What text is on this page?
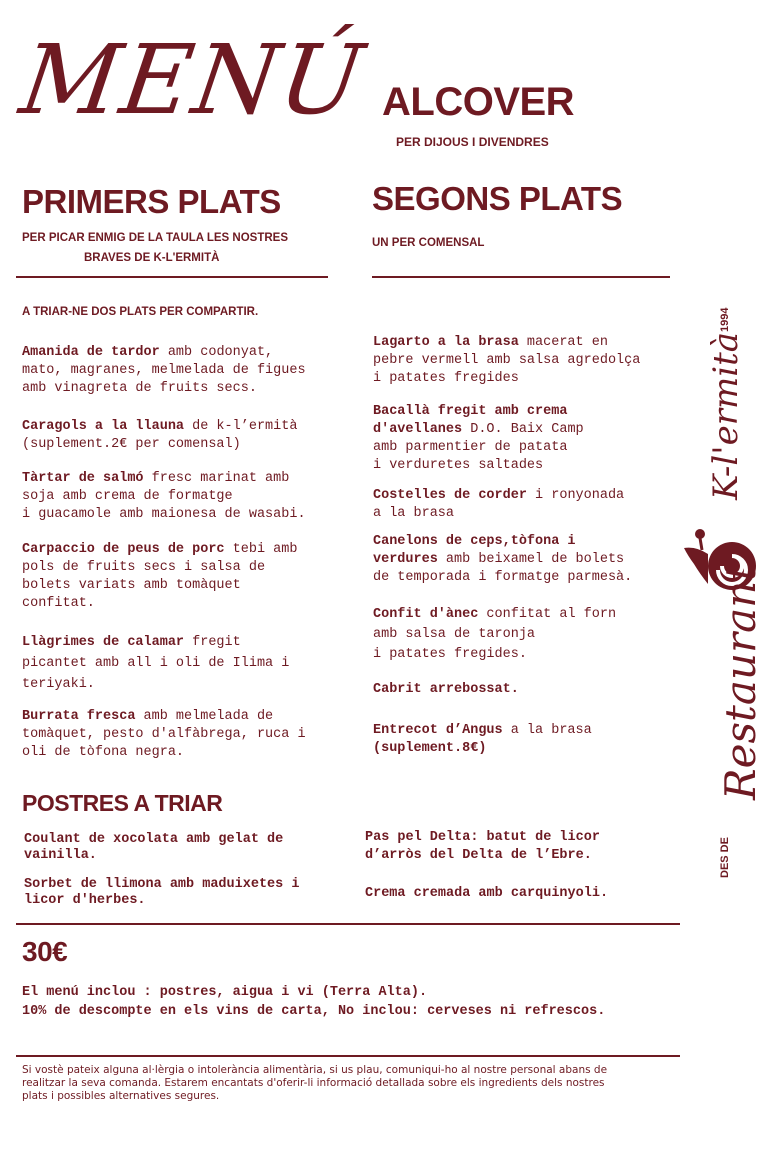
MENÚ ALCOVER
PER DIJOUS I DIVENDRES
PRIMERS PLATS
PER PICAR ENMIG DE LA TAULA LES NOSTRES
BRAVES DE K-L'ERMITÀ
A TRIAR-NE DOS PLATS PER COMPARTIR.
Amanida de tardor amb codonyat,
mato, magranes, melmelada de figues
amb vinagreta de fruits secs.
Caragols a la llauna de k-l’ermità
(suplement.2€ per comensal)
Tàrtar de salmó fresc marinat amb
soja amb crema de formatge
i guacamole amb maionesa de wasabi.
Carpaccio de peus de porc tebi amb
pols de fruits secs i salsa de
bolets variats amb tomàquet
confitat.
Llàgrimes de calamar fregit
picantet amb all i oli de Ilima i
teriyaki.
Burrata fresca amb melmelada de
tomàquet, pesto d'alfàbrega, ruca i
oli de tòfona negra.
SEGONS PLATS
UN PER COMENSAL
Lagarto a la brasa macerat en
pebre vermell amb salsa agredolça
i patates fregides
Bacallà fregit amb crema
d'avellanes D.O. Baix Camp
amb parmentier de patata
i verduretes saltades
Costelles de corder i ronyonada
a la brasa
Canelons de ceps,tòfona i
verdures amb beixamel de bolets
de temporada i formatge parmesà.
Confit d'ànec confitat al forn
amb salsa de taronja
i patates fregides.
Cabrit arrebossat.
Entrecot d’Angus a la brasa
(suplement.8€)
POSTRES A TRIAR
Coulant de xocolata amb gelat de
vainilla.
Sorbet de llimona amb maduixetes i
licor d'herbes.
Pas pel Delta: batut de licor
d’arròs del Delta de l’Ebre.
Crema cremada amb carquinyoli.
30€
El menú inclou : postres, aigua i vi (Terra Alta).
10% de descompte en els vins de carta, No inclou: cerveses ni refrescos.
Si vostè pateix alguna al·lèrgia o intolerància alimentària, si us plau, comuniqui-ho al nostre personal abans de
realitzar la seva comanda. Estarem encantats d'oferir-li informació detallada sobre els ingredients dels nostres
plats i possibles alternatives segures.
1994
K-l'ermità
Restaurant
DES DE
